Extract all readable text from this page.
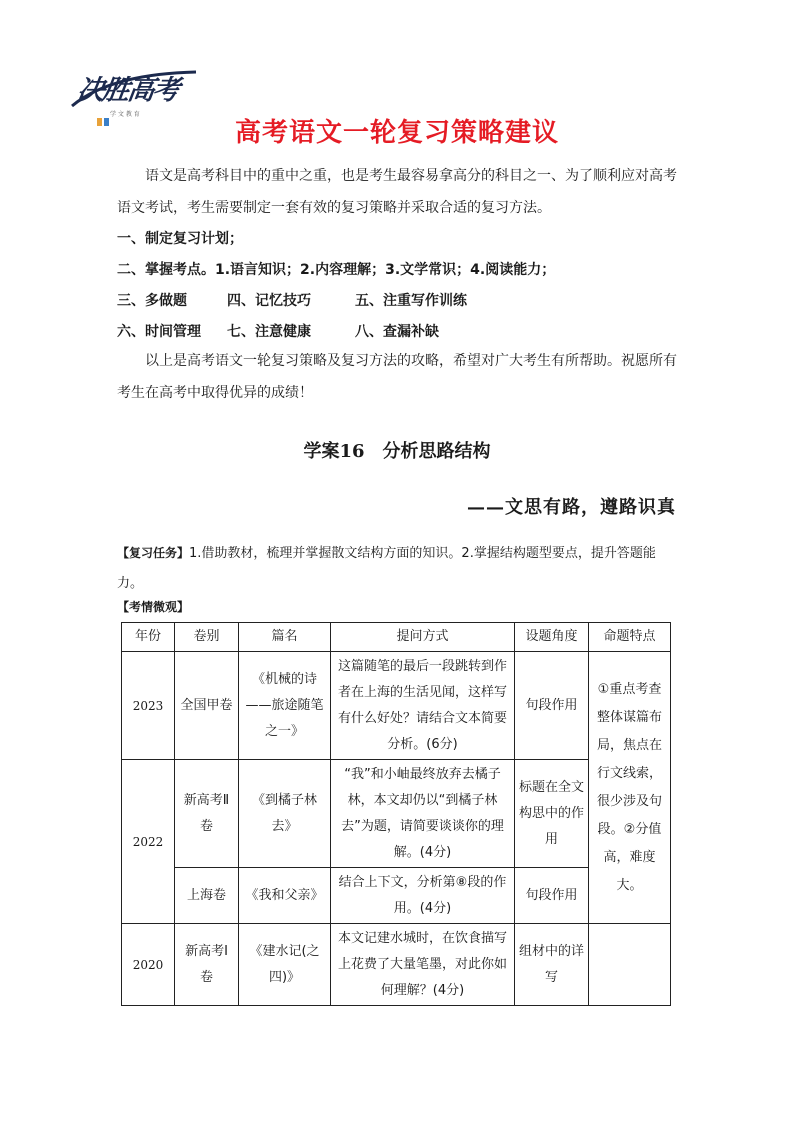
决胜高考
学 文 教 育
高考语文一轮复习策略建议
语文是高考科目中的重中之重，也是考生最容易拿高分的科目之一、为了顺利应对高考语文考试，考生需要制定一套有效的复习策略并采取合适的复习方法。
一、制定复习计划；
二、掌握考点。1.语言知识；2.内容理解；3.文学常识；4.阅读能力；
三、多做题	四、记忆技巧	五、注重写作训练
六、时间管理 七、注意健康	八、查漏补缺
以上是高考语文一轮复习策略及复习方法的攻略，希望对广大考生有所帮助。祝愿所有考生在高考中取得优异的成绩！
学案16　分析思路结构
——文思有路，遵路识真
【复习任务】1.借助教材，梳理并掌握散文结构方面的知识。2.掌握结构题型要点，提升答题能力。
【考情微观】
年份	卷别	篇名	提问方式	设题角度	命题特点
2023	全国甲卷	《机械的诗——旅途随笔之一》	这篇随笔的最后一段跳转到作者在上海的生活见闻，这样写有什么好处？请结合文本简要分析。(6分)	句段作用	①重点考查整体谋篇布局，焦点在行文线索，很少涉及句段。②分值高，难度大。
2022	新高考Ⅱ卷	《到橘子林去》	“我”和小岫最终放弃去橘子林，本文却仍以“到橘子林去”为题，请简要谈谈你的理解。(4分)	标题在全文构思中的作用	
	上海卷	《我和父亲》	结合上下文，分析第⑧段的作用。(4分)	句段作用	
2020	新高考Ⅰ卷	《建水记(之四)》	本文记建水城时，在饮食描写上花费了大量笔墨，对此你如何理解？(4分)	组材中的详写	
